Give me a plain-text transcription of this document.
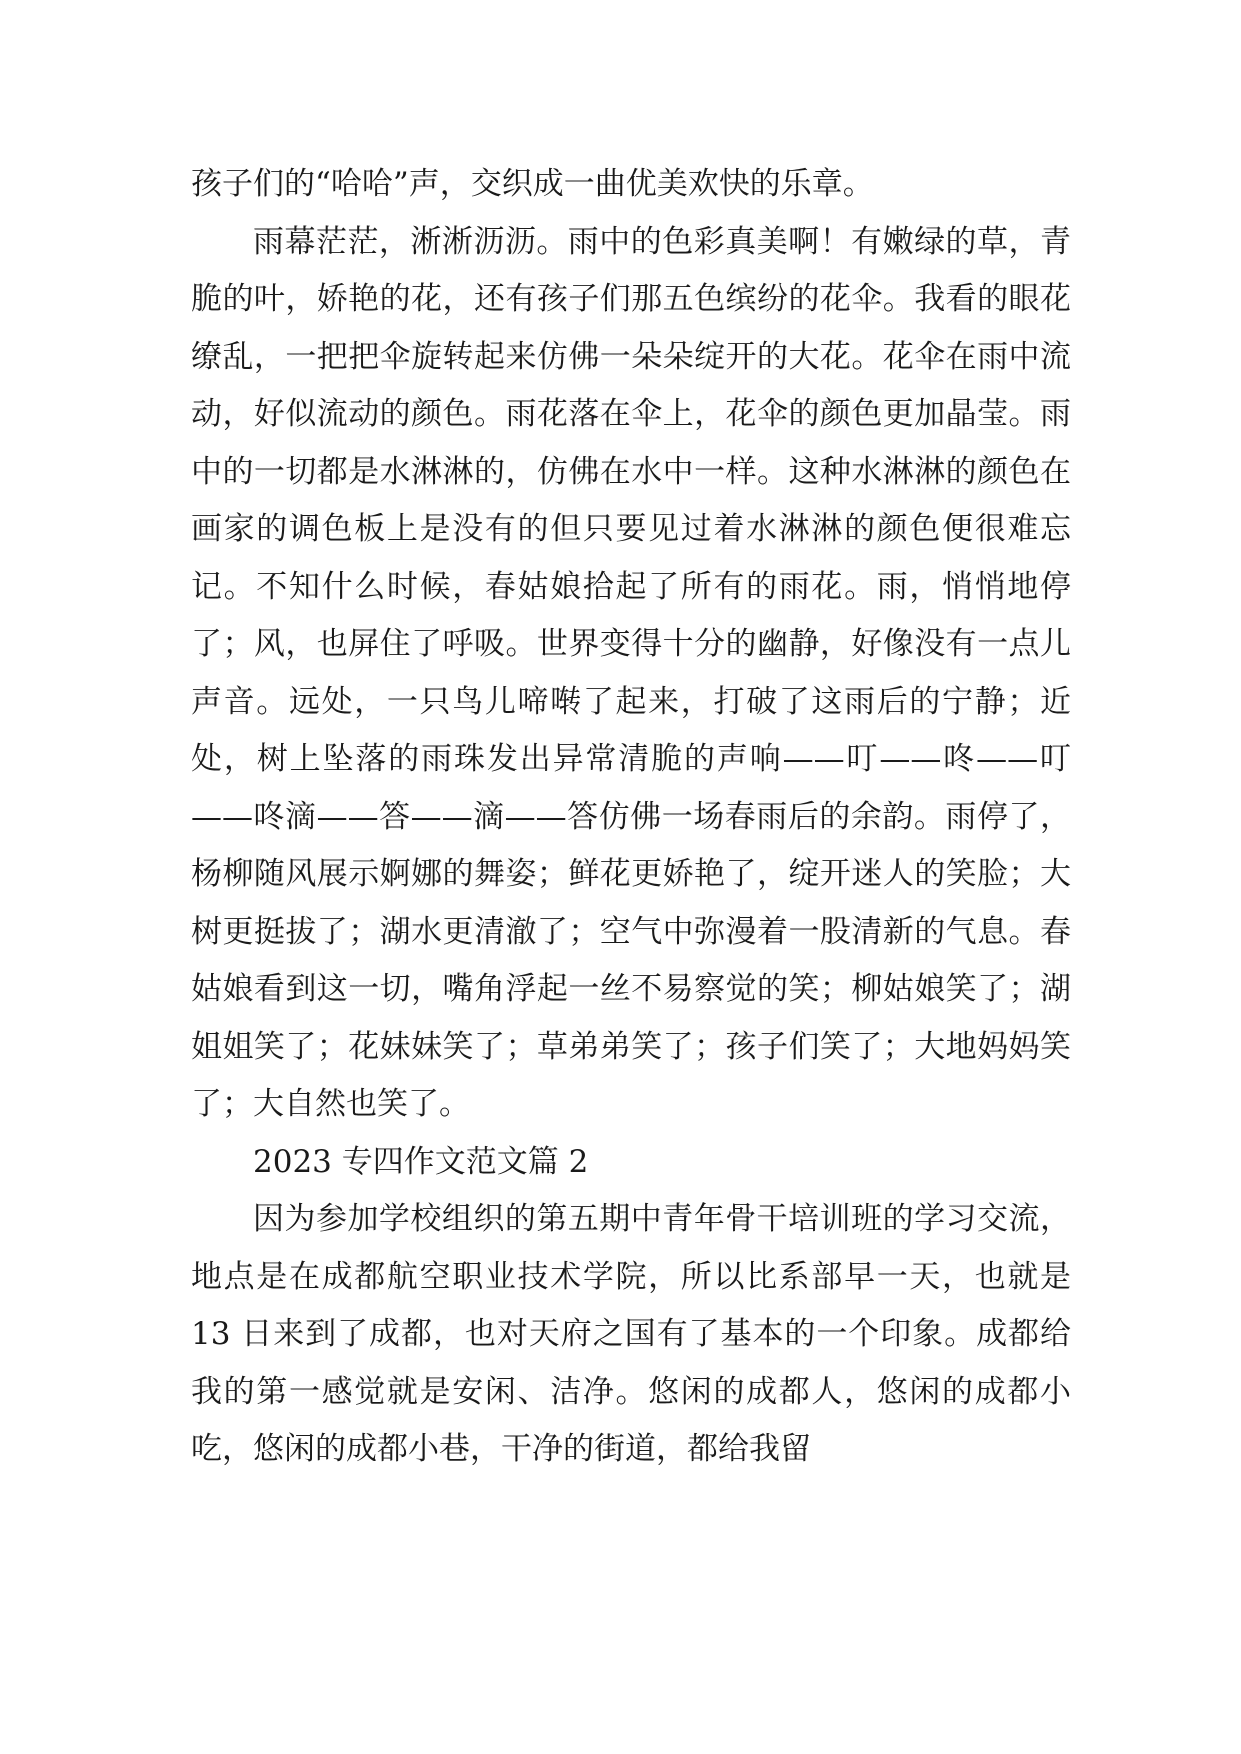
孩子们的“哈哈”声，交织成一曲优美欢快的乐章。

雨幕茫茫，淅淅沥沥。雨中的色彩真美啊！有嫩绿的草，青脆的叶，娇艳的花，还有孩子们那五色缤纷的花伞。我看的眼花缭乱，一把把伞旋转起来仿佛一朵朵绽开的大花。花伞在雨中流动，好似流动的颜色。雨花落在伞上，花伞的颜色更加晶莹。雨中的一切都是水淋淋的，仿佛在水中一样。这种水淋淋的颜色在画家的调色板上是没有的但只要见过着水淋淋的颜色便很难忘记。不知什么时候，春姑娘拾起了所有的雨花。雨，悄悄地停了；风，也屏住了呼吸。世界变得十分的幽静，好像没有一点儿声音。远处，一只鸟儿啼啭了起来，打破了这雨后的宁静；近处，树上坠落的雨珠发出异常清脆的声响——叮——咚——叮——咚滴——答——滴——答仿佛一场春雨后的余韵。雨停了，杨柳随风展示婀娜的舞姿；鲜花更娇艳了，绽开迷人的笑脸；大树更挺拔了；湖水更清澈了；空气中弥漫着一股清新的气息。春姑娘看到这一切，嘴角浮起一丝不易察觉的笑；柳姑娘笑了；湖姐姐笑了；花妹妹笑了；草弟弟笑了；孩子们笑了；大地妈妈笑了；大自然也笑了。

2023 专四作文范文篇 2

因为参加学校组织的第五期中青年骨干培训班的学习交流，地点是在成都航空职业技术学院，所以比系部早一天，也就是 13 日来到了成都，也对天府之国有了基本的一个印象。成都给我的第一感觉就是安闲、洁净。悠闲的成都人，悠闲的成都小吃，悠闲的成都小巷，干净的街道，都给我留
